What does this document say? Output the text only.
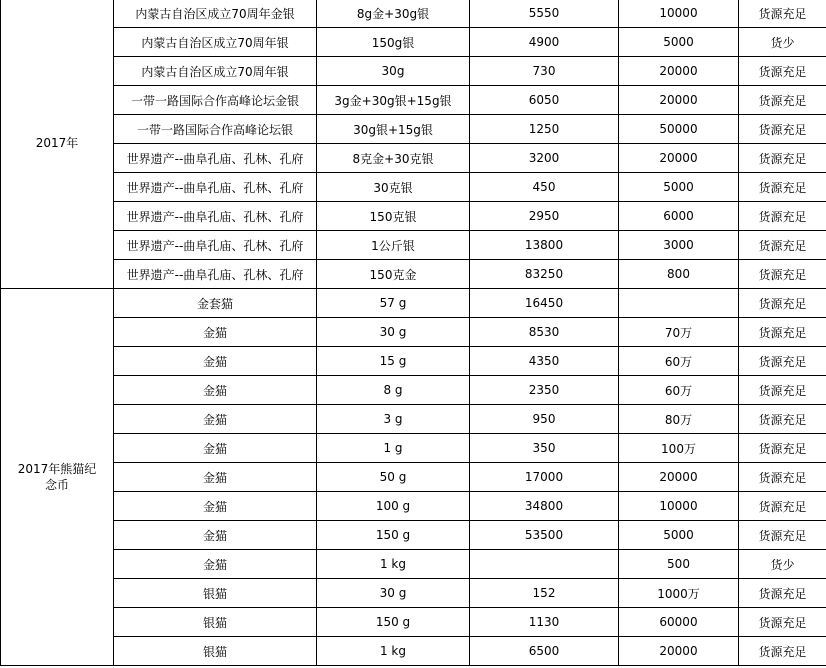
2017年	内蒙古自治区成立70周年金银	8g金+30g银	5550	10000	货源充足
	内蒙古自治区成立70周年银	150g银	4900	5000	货少
	内蒙古自治区成立70周年银	30g	730	20000	货源充足
	一带一路国际合作高峰论坛金银	3g金+30g银+15g银	6050	20000	货源充足
	一带一路国际合作高峰论坛银	30g银+15g银	1250	50000	货源充足
	世界遗产--曲阜孔庙、孔林、孔府	8克金+30克银	3200	20000	货源充足
	世界遗产--曲阜孔庙、孔林、孔府	30克银	450	5000	货源充足
	世界遗产--曲阜孔庙、孔林、孔府	150克银	2950	6000	货源充足
	世界遗产--曲阜孔庙、孔林、孔府	1公斤银	13800	3000	货源充足
	世界遗产--曲阜孔庙、孔林、孔府	150克金	83250	800	货源充足
2017年熊猫纪念币	金套猫	57 g	16450		货源充足
	金猫	30 g	8530	70万	货源充足
	金猫	15 g	4350	60万	货源充足
	金猫	8 g	2350	60万	货源充足
	金猫	3 g	950	80万	货源充足
	金猫	1 g	350	100万	货源充足
	金猫	50 g	17000	20000	货源充足
	金猫	100 g	34800	10000	货源充足
	金猫	150 g	53500	5000	货源充足
	金猫	1 kg		500	货少
	银猫	30 g	152	1000万	货源充足
	银猫	150 g	1130	60000	货源充足
	银猫	1 kg	6500	20000	货源充足
